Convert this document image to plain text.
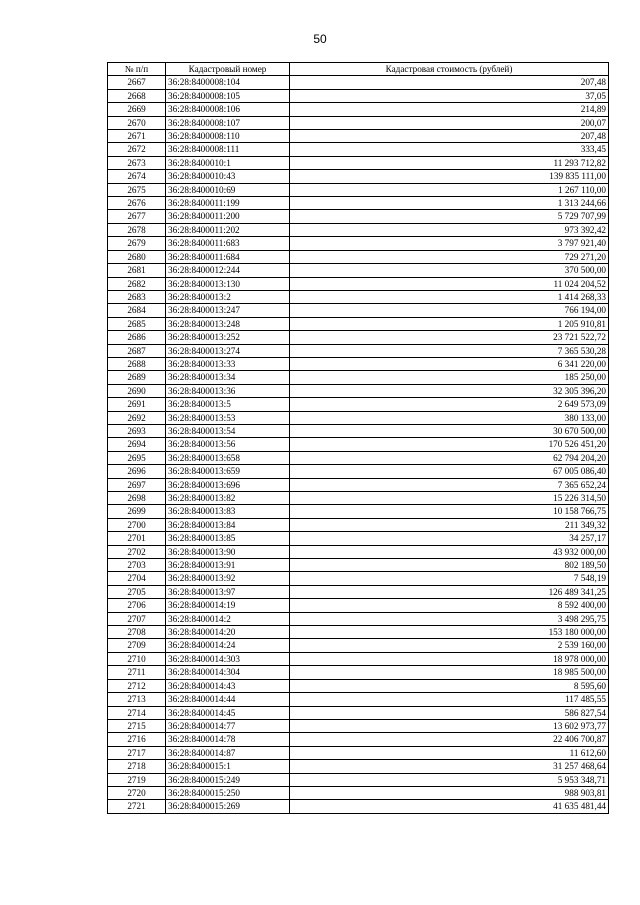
50
№ п/п	Кадастровый номер	Кадастровая стоимость (рублей)
2667	36:28:8400008:104	207,48
2668	36:28:8400008:105	37,05
2669	36:28:8400008:106	214,89
2670	36:28:8400008:107	200,07
2671	36:28:8400008:110	207,48
2672	36:28:8400008:111	333,45
2673	36:28:8400010:1	11 293 712,82
2674	36:28:8400010:43	139 835 111,00
2675	36:28:8400010:69	1 267 110,00
2676	36:28:8400011:199	1 313 244,66
2677	36:28:8400011:200	5 729 707,99
2678	36:28:8400011:202	973 392,42
2679	36:28:8400011:683	3 797 921,40
2680	36:28:8400011:684	729 271,20
2681	36:28:8400012:244	370 500,00
2682	36:28:8400013:130	11 024 204,52
2683	36:28:8400013:2	1 414 268,33
2684	36:28:8400013:247	766 194,00
2685	36:28:8400013:248	1 205 910,81
2686	36:28:8400013:252	23 721 522,72
2687	36:28:8400013:274	7 365 530,28
2688	36:28:8400013:33	6 341 220,00
2689	36:28:8400013:34	185 250,00
2690	36:28:8400013:36	32 305 396,20
2691	36:28:8400013:5	2 649 573,09
2692	36:28:8400013:53	380 133,00
2693	36:28:8400013:54	30 670 500,00
2694	36:28:8400013:56	170 526 451,20
2695	36:28:8400013:658	62 794 204,20
2696	36:28:8400013:659	67 005 086,40
2697	36:28:8400013:696	7 365 652,24
2698	36:28:8400013:82	15 226 314,50
2699	36:28:8400013:83	10 158 766,75
2700	36:28:8400013:84	211 349,32
2701	36:28:8400013:85	34 257,17
2702	36:28:8400013:90	43 932 000,00
2703	36:28:8400013:91	802 189,50
2704	36:28:8400013:92	7 548,19
2705	36:28:8400013:97	126 489 341,25
2706	36:28:8400014:19	8 592 400,00
2707	36:28:8400014:2	3 498 295,75
2708	36:28:8400014:20	153 180 000,00
2709	36:28:8400014:24	2 539 160,00
2710	36:28:8400014:303	18 978 000,00
2711	36:28:8400014:304	18 985 500,00
2712	36:28:8400014:43	8 595,60
2713	36:28:8400014:44	117 485,55
2714	36:28:8400014:45	586 827,54
2715	36:28:8400014:77	13 602 973,77
2716	36:28:8400014:78	22 406 700,87
2717	36:28:8400014:87	11 612,60
2718	36:28:8400015:1	31 257 468,64
2719	36:28:8400015:249	5 953 348,71
2720	36:28:8400015:250	988 903,81
2721	36:28:8400015:269	41 635 481,44
